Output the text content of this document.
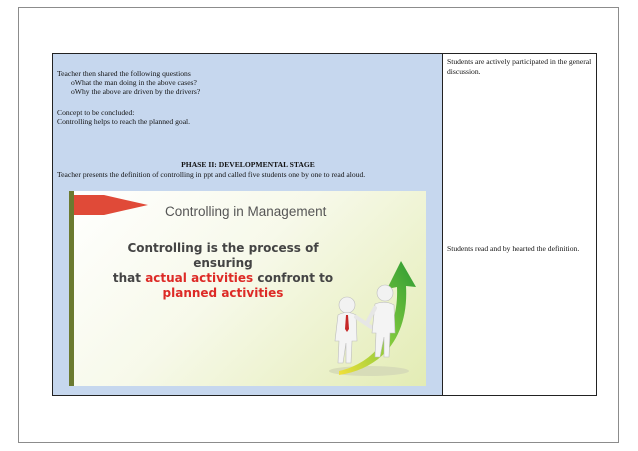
Teacher then shared the following questions
oWhat the man doing in the above cases?
oWhy the above are driven by the drivers?
Concept to be concluded:
Controlling helps to reach the planned goal.
PHASE II: DEVELOPMENTAL STAGE
Teacher presents the definition of controlling in ppt and called five students one by one to read aloud.
Controlling in Management
Controlling is the process of ensuring
that actual activities confront to
planned activities
Students are actively participated in the general discussion.
Students read and by hearted the definition.
